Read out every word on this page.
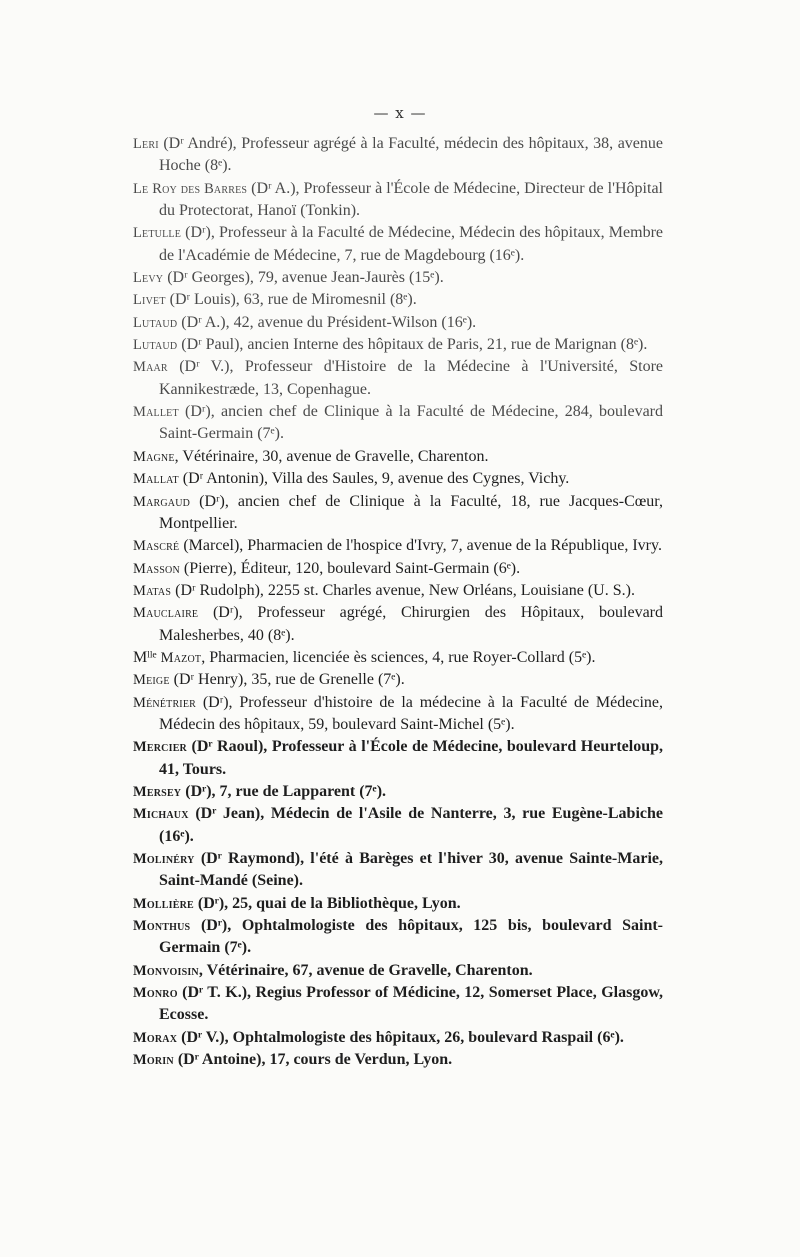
— x —
Leri (Dʳ André), Professeur agrégé à la Faculté, médecin des hôpitaux, 38, avenue Hoche (8ᵉ).
Le Roy des Barres (Dʳ A.), Professeur à l'École de Médecine, Directeur de l'Hôpital du Protectorat, Hanoï (Tonkin).
Letulle (Dʳ), Professeur à la Faculté de Médecine, Médecin des hôpitaux, Membre de l'Académie de Médecine, 7, rue de Magdebourg (16ᵉ).
Levy (Dʳ Georges), 79, avenue Jean-Jaurès (15ᵉ).
Livet (Dʳ Louis), 63, rue de Miromesnil (8ᵉ).
Lutaud (Dʳ A.), 42, avenue du Président-Wilson (16ᵉ).
Lutaud (Dʳ Paul), ancien Interne des hôpitaux de Paris, 21, rue de Marignan (8ᵉ).
Maar (Dʳ V.), Professeur d'Histoire de la Médecine à l'Université, Store Kannikestræde, 13, Copenhague.
Mallet (Dʳ), ancien chef de Clinique à la Faculté de Médecine, 284, boulevard Saint-Germain (7ᵉ).
Magne, Vétérinaire, 30, avenue de Gravelle, Charenton.
Mallat (Dʳ Antonin), Villa des Saules, 9, avenue des Cygnes, Vichy.
Margaud (Dʳ), ancien chef de Clinique à la Faculté, 18, rue Jacques-Cœur, Montpellier.
Mascré (Marcel), Pharmacien de l'hospice d'Ivry, 7, avenue de la République, Ivry.
Masson (Pierre), Éditeur, 120, boulevard Saint-Germain (6ᵉ).
Matas (Dʳ Rudolph), 2255 st. Charles avenue, New Orléans, Louisiane (U. S.).
Mauclaire (Dʳ), Professeur agrégé, Chirurgien des Hôpitaux, boulevard Malesherbes, 40 (8ᵉ).
Mˡˡᵉ Mazot, Pharmacien, licenciée ès sciences, 4, rue Royer-Collard (5ᵉ).
Meige (Dʳ Henry), 35, rue de Grenelle (7ᵉ).
Ménétrier (Dʳ), Professeur d'histoire de la médecine à la Faculté de Médecine, Médecin des hôpitaux, 59, boulevard Saint-Michel (5ᵉ).
Mercier (Dʳ Raoul), Professeur à l'École de Médecine, boulevard Heurteloup, 41, Tours.
Mersey (Dʳ), 7, rue de Lapparent (7ᵉ).
Michaux (Dʳ Jean), Médecin de l'Asile de Nanterre, 3, rue Eugène-Labiche (16ᵉ).
Molinéry (Dʳ Raymond), l'été à Barèges et l'hiver 30, avenue Sainte-Marie, Saint-Mandé (Seine).
Mollière (Dʳ), 25, quai de la Bibliothèque, Lyon.
Monthus (Dʳ), Ophtalmologiste des hôpitaux, 125 bis, boulevard Saint-Germain (7ᵉ).
Monvoisin, Vétérinaire, 67, avenue de Gravelle, Charenton.
Monro (Dʳ T. K.), Regius Professor of Médicine, 12, Somerset Place, Glasgow, Ecosse.
Morax (Dʳ V.), Ophtalmologiste des hôpitaux, 26, boulevard Raspail (6ᵉ).
Morin (Dʳ Antoine), 17, cours de Verdun, Lyon.
